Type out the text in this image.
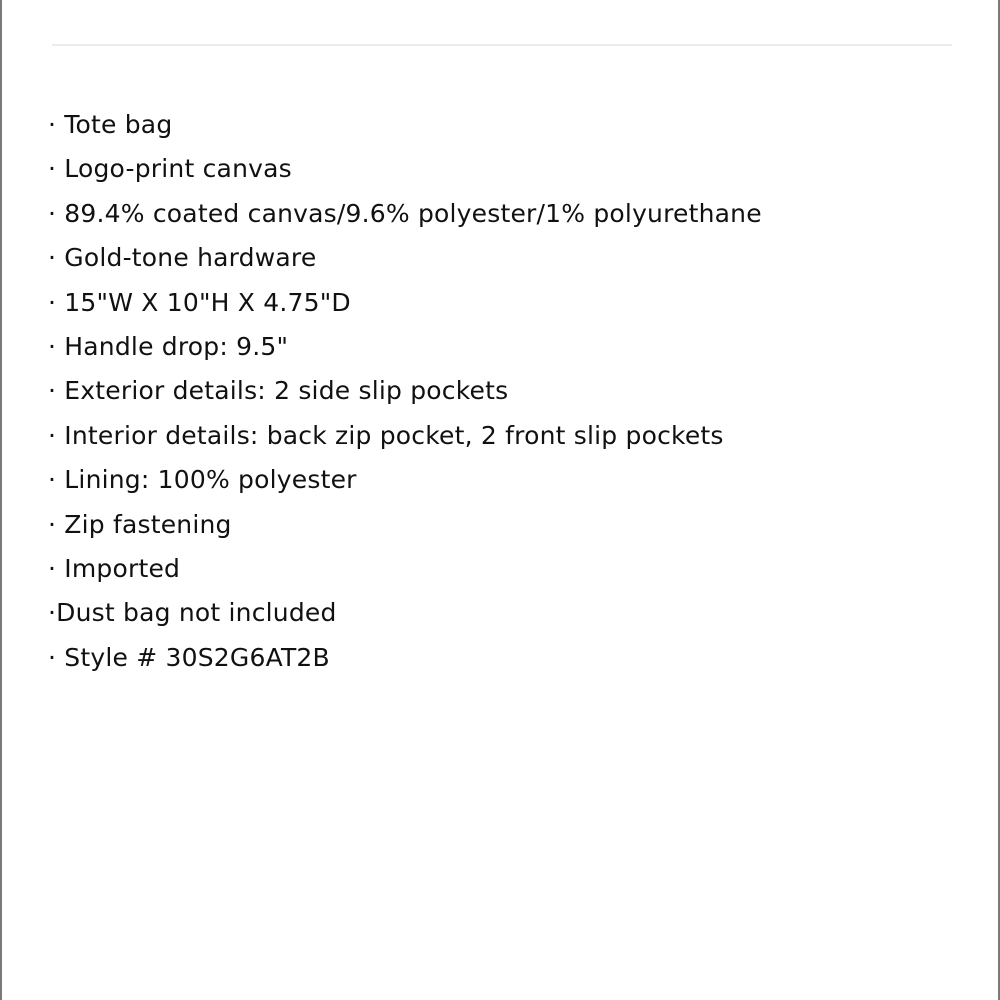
· Tote bag
· Logo-print canvas
· 89.4% coated canvas/9.6% polyester/1% polyurethane
· Gold-tone hardware
· 15"W X 10"H X 4.75"D
· Handle drop: 9.5"
· Exterior details: 2 side slip pockets
· Interior details: back zip pocket, 2 front slip pockets
· Lining: 100% polyester
· Zip fastening
· Imported
·Dust bag not included
· Style # 30S2G6AT2B
